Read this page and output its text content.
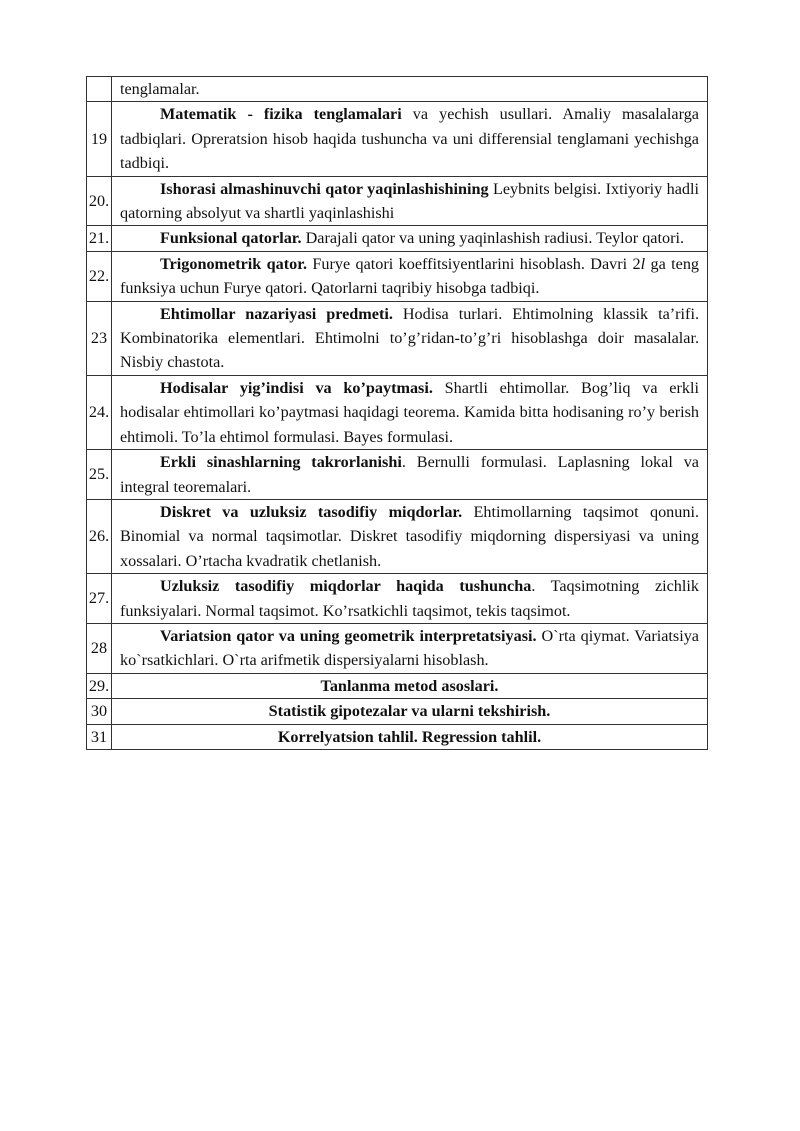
	tenglamalar.
19	Matematik - fizika tenglamalari va yechish usullari. Amaliy masalalarga tadbiqlari. Opreratsion hisob haqida tushuncha va uni differensial tenglamani yechishga tadbiqi.
20.	Ishorasi almashinuvchi qator yaqinlashishining Leybnits belgisi. Ixtiyoriy hadli qatorning absolyut va shartli yaqinlashishi
21.	Funksional qatorlar. Darajali qator va uning yaqinlashish radiusi. Teylor qatori.
22.	Trigonometrik qator. Furye qatori koeffitsiyentlarini hisoblash. Davri 2l ga teng funksiya uchun Furye qatori. Qatorlarni taqribiy hisobga tadbiqi.
23	Ehtimollar nazariyasi predmeti. Hodisa turlari. Ehtimolning klassik ta’rifi. Kombinatorika elementlari. Ehtimolni to’g’ridan-to’g’ri hisoblashga doir masalalar. Nisbiy chastota.
24.	Hodisalar yig’indisi va ko’paytmasi. Shartli ehtimollar. Bog’liq va erkli hodisalar ehtimollari ko’paytmasi haqidagi teorema. Kamida bitta hodisaning ro’y berish ehtimoli. To’la ehtimol formulasi. Bayes formulasi.
25.	Erkli sinashlarning takrorlanishi. Bernulli formulasi. Laplasning lokal va integral teoremalari.
26.	Diskret va uzluksiz tasodifiy miqdorlar. Ehtimollarning taqsimot qonuni. Binomial va normal taqsimotlar. Diskret tasodifiy miqdorning dispersiyasi va uning xossalari. O’rtacha kvadratik chetlanish.
27.	Uzluksiz tasodifiy miqdorlar haqida tushuncha. Taqsimotning zichlik funksiyalari. Normal taqsimot. Ko’rsatkichli taqsimot, tekis taqsimot.
28	Variatsion qator va uning geometrik interpretatsiyasi. O`rta qiymat. Variatsiya ko`rsatkichlari. O`rta arifmetik dispersiyalarni hisoblash.
29.	Tanlanma metod asoslari.
30	Statistik gipotezalar va ularni tekshirish.
31	Korrelyatsion tahlil. Regression tahlil.
